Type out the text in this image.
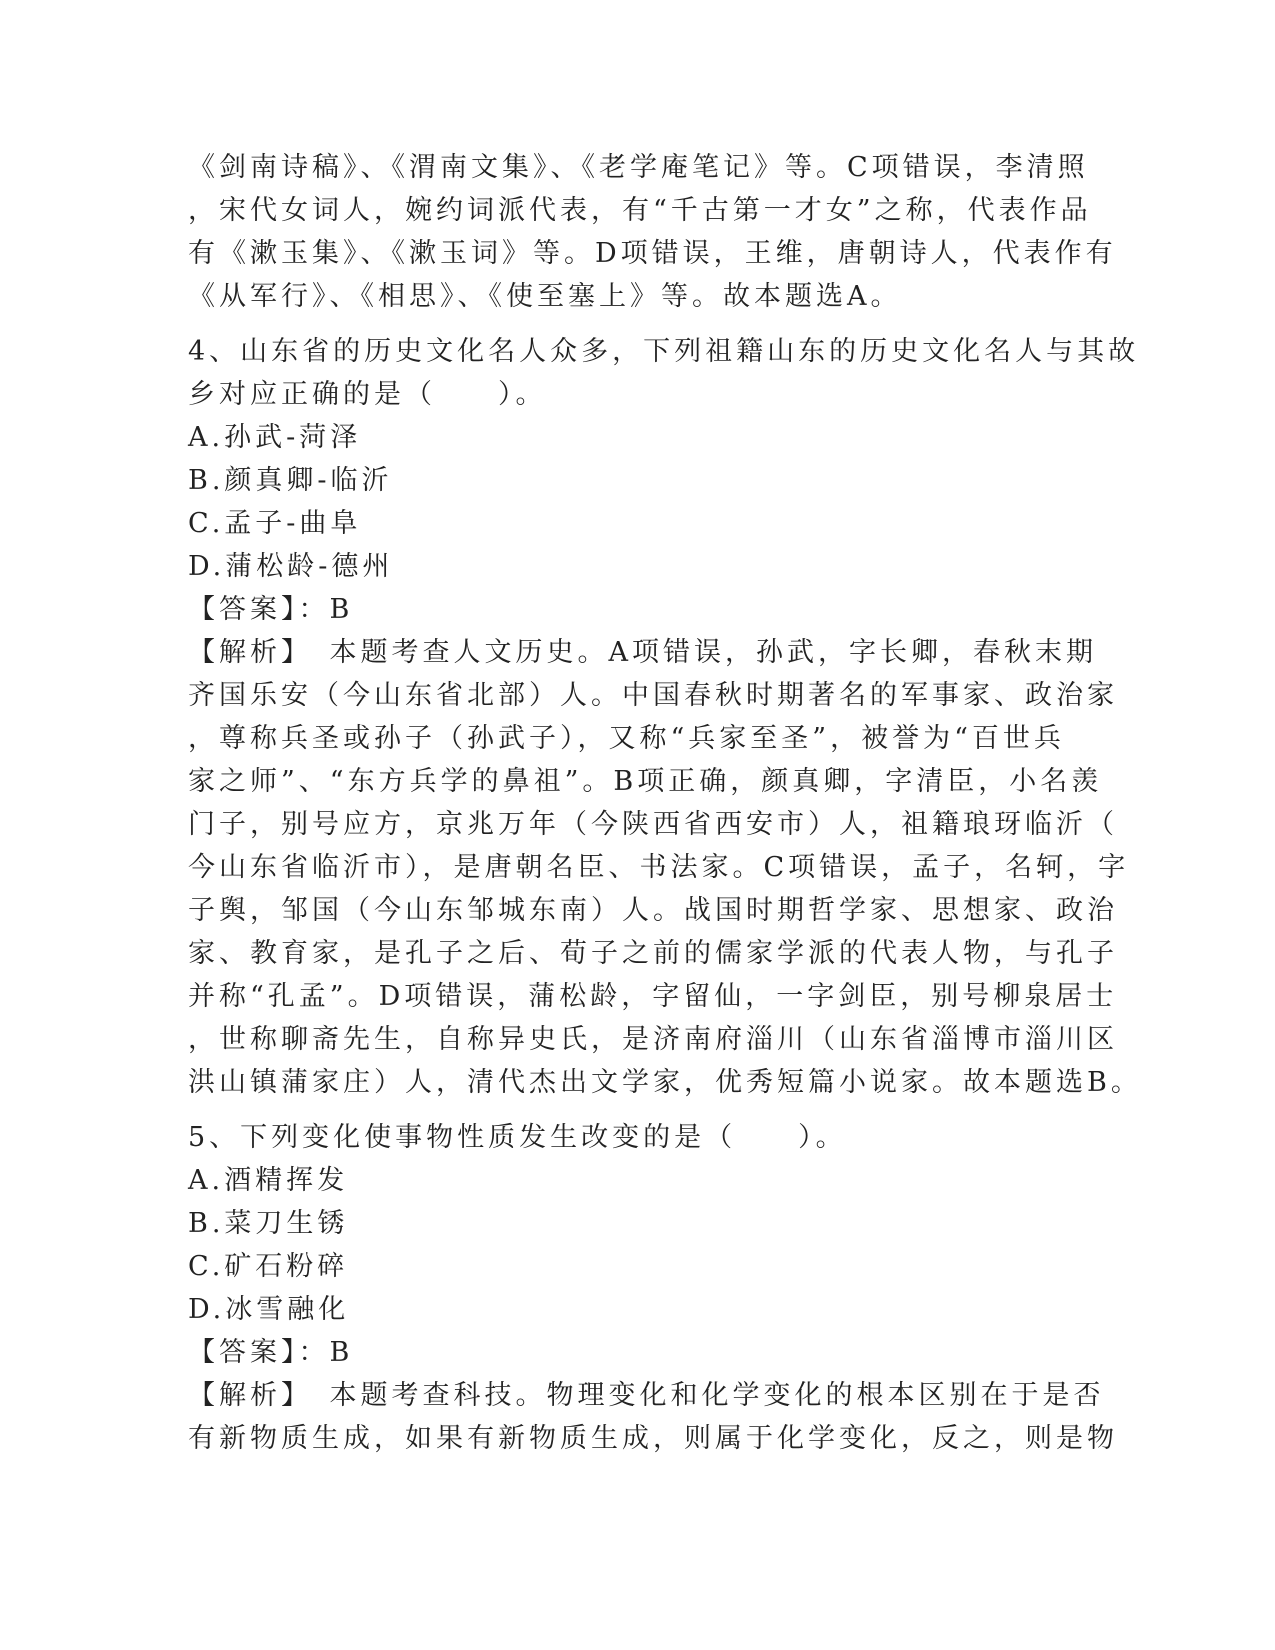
《剑南诗稿》、《渭南文集》、《老学庵笔记》等。C项错误，李清照
，宋代女词人，婉约词派代表，有“千古第一才女”之称，代表作品
有《漱玉集》、《漱玉词》等。D项错误，王维，唐朝诗人，代表作有
《从军行》、《相思》、《使至塞上》等。故本题选A。
4、山东省的历史文化名人众多，下列祖籍山东的历史文化名人与其故
乡对应正确的是（　　）。
A.孙武-菏泽
B.颜真卿-临沂
C.孟子-曲阜
D.蒲松龄-德州
【答案】：B
【解析】　本题考查人文历史。A项错误，孙武，字长卿，春秋末期
齐国乐安（今山东省北部）人。中国春秋时期著名的军事家、政治家
，尊称兵圣或孙子（孙武子），又称“兵家至圣”，被誉为“百世兵
家之师”、“东方兵学的鼻祖”。B项正确，颜真卿，字清臣，小名羡
门子，别号应方，京兆万年（今陕西省西安市）人，祖籍琅玡临沂（
今山东省临沂市），是唐朝名臣、书法家。C项错误，孟子，名轲，字
子舆，邹国（今山东邹城东南）人。战国时期哲学家、思想家、政治
家、教育家，是孔子之后、荀子之前的儒家学派的代表人物，与孔子
并称“孔孟”。D项错误，蒲松龄，字留仙，一字剑臣，别号柳泉居士
，世称聊斋先生，自称异史氏，是济南府淄川（山东省淄博市淄川区
洪山镇蒲家庄）人，清代杰出文学家，优秀短篇小说家。故本题选B。
5、下列变化使事物性质发生改变的是（　　）。
A.酒精挥发
B.菜刀生锈
C.矿石粉碎
D.冰雪融化
【答案】：B
【解析】　本题考查科技。物理变化和化学变化的根本区别在于是否
有新物质生成，如果有新物质生成，则属于化学变化，反之，则是物
